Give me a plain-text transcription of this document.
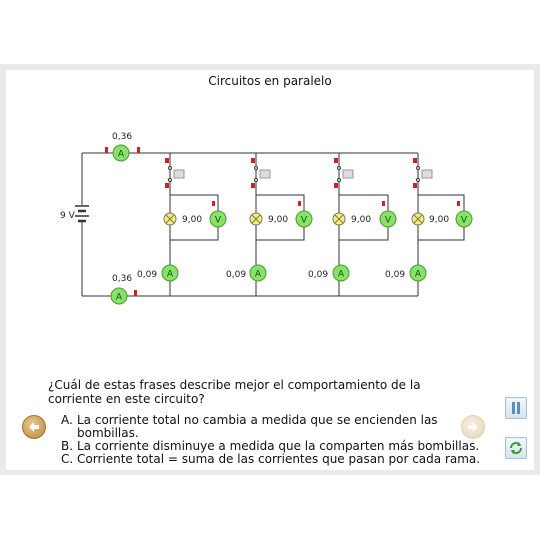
Circuitos en paralelo
9 V
0,36
A
0,36
A
9,00 V
0,09 A
9,00 V
0,09 A
9,00 V
0,09 A
9,00 V
0,09 A
¿Cuál de estas frases describe mejor el comportamiento de la corriente en este circuito?
A. La corriente total no cambia a medida que se encienden las bombillas.
B. La corriente disminuye a medida que la comparten más bombillas.
C. Corriente total = suma de las corrientes que pasan por cada rama.
